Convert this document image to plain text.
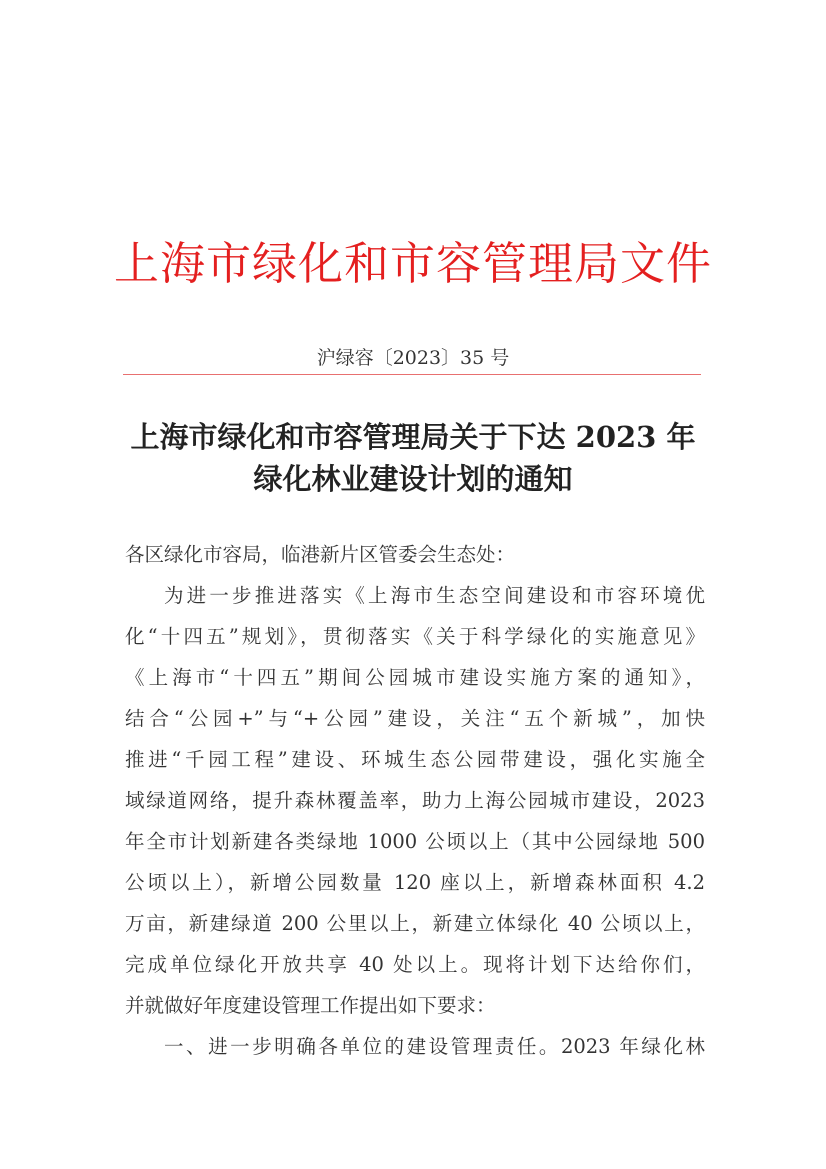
上海市绿化和市容管理局文件
沪绿容〔2023〕35 号
上海市绿化和市容管理局关于下达 2023 年
绿化林业建设计划的通知

各区绿化市容局，临港新片区管委会生态处：

为进一步推进落实《上海市生态空间建设和市容环境优

化“十四五”规划》，贯彻落实《关于科学绿化的实施意见》

《上海市“十四五”期间公园城市建设实施方案的通知》，

结合“公园+”与“+公园”建设，关注“五个新城”，加快

推进“千园工程”建设、环城生态公园带建设，强化实施全

域绿道网络，提升森林覆盖率，助力上海公园城市建设，2023

年全市计划新建各类绿地 1000 公顷以上（其中公园绿地 500

公顷以上），新增公园数量 120 座以上，新增森林面积 4.2

万亩，新建绿道 200 公里以上，新建立体绿化 40 公顷以上，

完成单位绿化开放共享 40 处以上。现将计划下达给你们，

并就做好年度建设管理工作提出如下要求：

一、进一步明确各单位的建设管理责任。2023 年绿化林
